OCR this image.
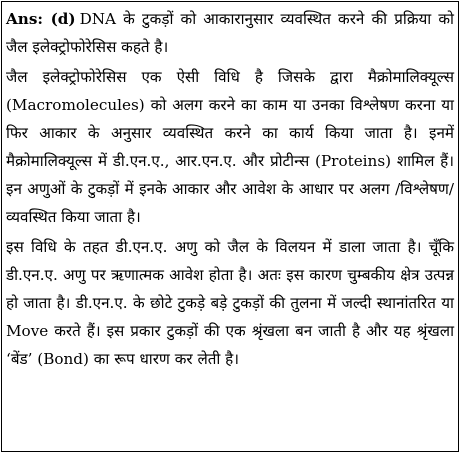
Ans: (d) DNA के टुकड़ों को आकारानुसार व्यवस्थित करने की प्रक्रिया को जैल इलेक्ट्रोफोरेसिस कहते है।

जैल इलेक्ट्रोफोरेसिस एक ऐसी विधि है जिसके द्वारा मैक्रोमालिक्यूल्स (Macromolecules) को अलग करने का काम या उनका विश्लेषण करना या फिर आकार के अनुसार व्यवस्थित करने का कार्य किया जाता है। इनमें मैक्रोमालिक्यूल्स में डी.एन.ए., आर.एन.ए. और प्रोटीन्स (Proteins) शामिल हैं। इन अणुओं के टुकड़ों में इनके आकार और आवेश के आधार पर अलग /विश्लेषण/व्यवस्थित किया जाता है।

इस विधि के तहत डी.एन.ए. अणु को जैल के विलयन में डाला जाता है। चूँकि डी.एन.ए. अणु पर ऋणात्मक आवेश होता है। अतः इस कारण चुम्बकीय क्षेत्र उत्पन्न हो जाता है। डी.एन.ए. के छोटे टुकड़े बड़े टुकड़ों की तुलना में जल्दी स्थानांतरित या Move करते हैं। इस प्रकार टुकड़ों की एक श्रृंखला बन जाती है और यह श्रृंखला ‘बेंड’ (Bond) का रूप धारण कर लेती है।
